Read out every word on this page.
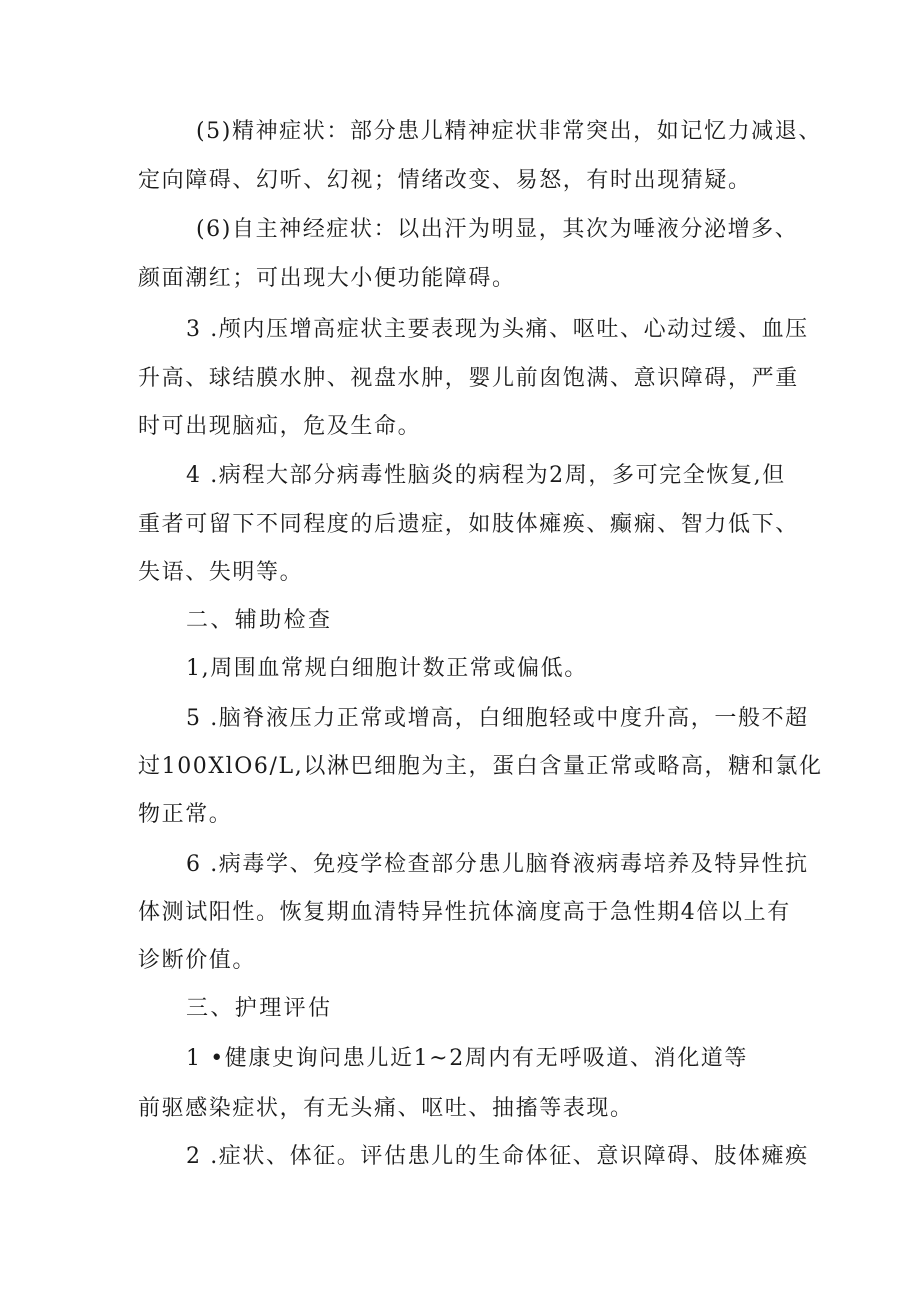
(5)精神症状：部分患儿精神症状非常突出，如记忆力减退、
定向障碍、幻听、幻视；情绪改变、易怒，有时出现猜疑。
(6)自主神经症状：以出汗为明显，其次为唾液分泌增多、
颜面潮红；可出现大小便功能障碍。
3 .颅内压增高症状主要表现为头痛、呕吐、心动过缓、血压
升高、球结膜水肿、视盘水肿，婴儿前囱饱满、意识障碍，严重
时可出现脑疝，危及生命。
4 .病程大部分病毒性脑炎的病程为2周，多可完全恢复,但
重者可留下不同程度的后遗症，如肢体瘫痪、癫痫、智力低下、
失语、失明等。
二、辅助检查
1,周围血常规白细胞计数正常或偏低。
5 .脑脊液压力正常或增高，白细胞轻或中度升高，一般不超
过100XlO6/L,以淋巴细胞为主，蛋白含量正常或略高，糖和氯化
物正常。
6 .病毒学、免疫学检查部分患儿脑脊液病毒培养及特异性抗
体测试阳性。恢复期血清特异性抗体滴度高于急性期4倍以上有
诊断价值。
三、护理评估
1 •健康史询问患儿近1~2周内有无呼吸道、消化道等
前驱感染症状，有无头痛、呕吐、抽搐等表现。
2 .症状、体征。评估患儿的生命体征、意识障碍、肢体瘫痪
